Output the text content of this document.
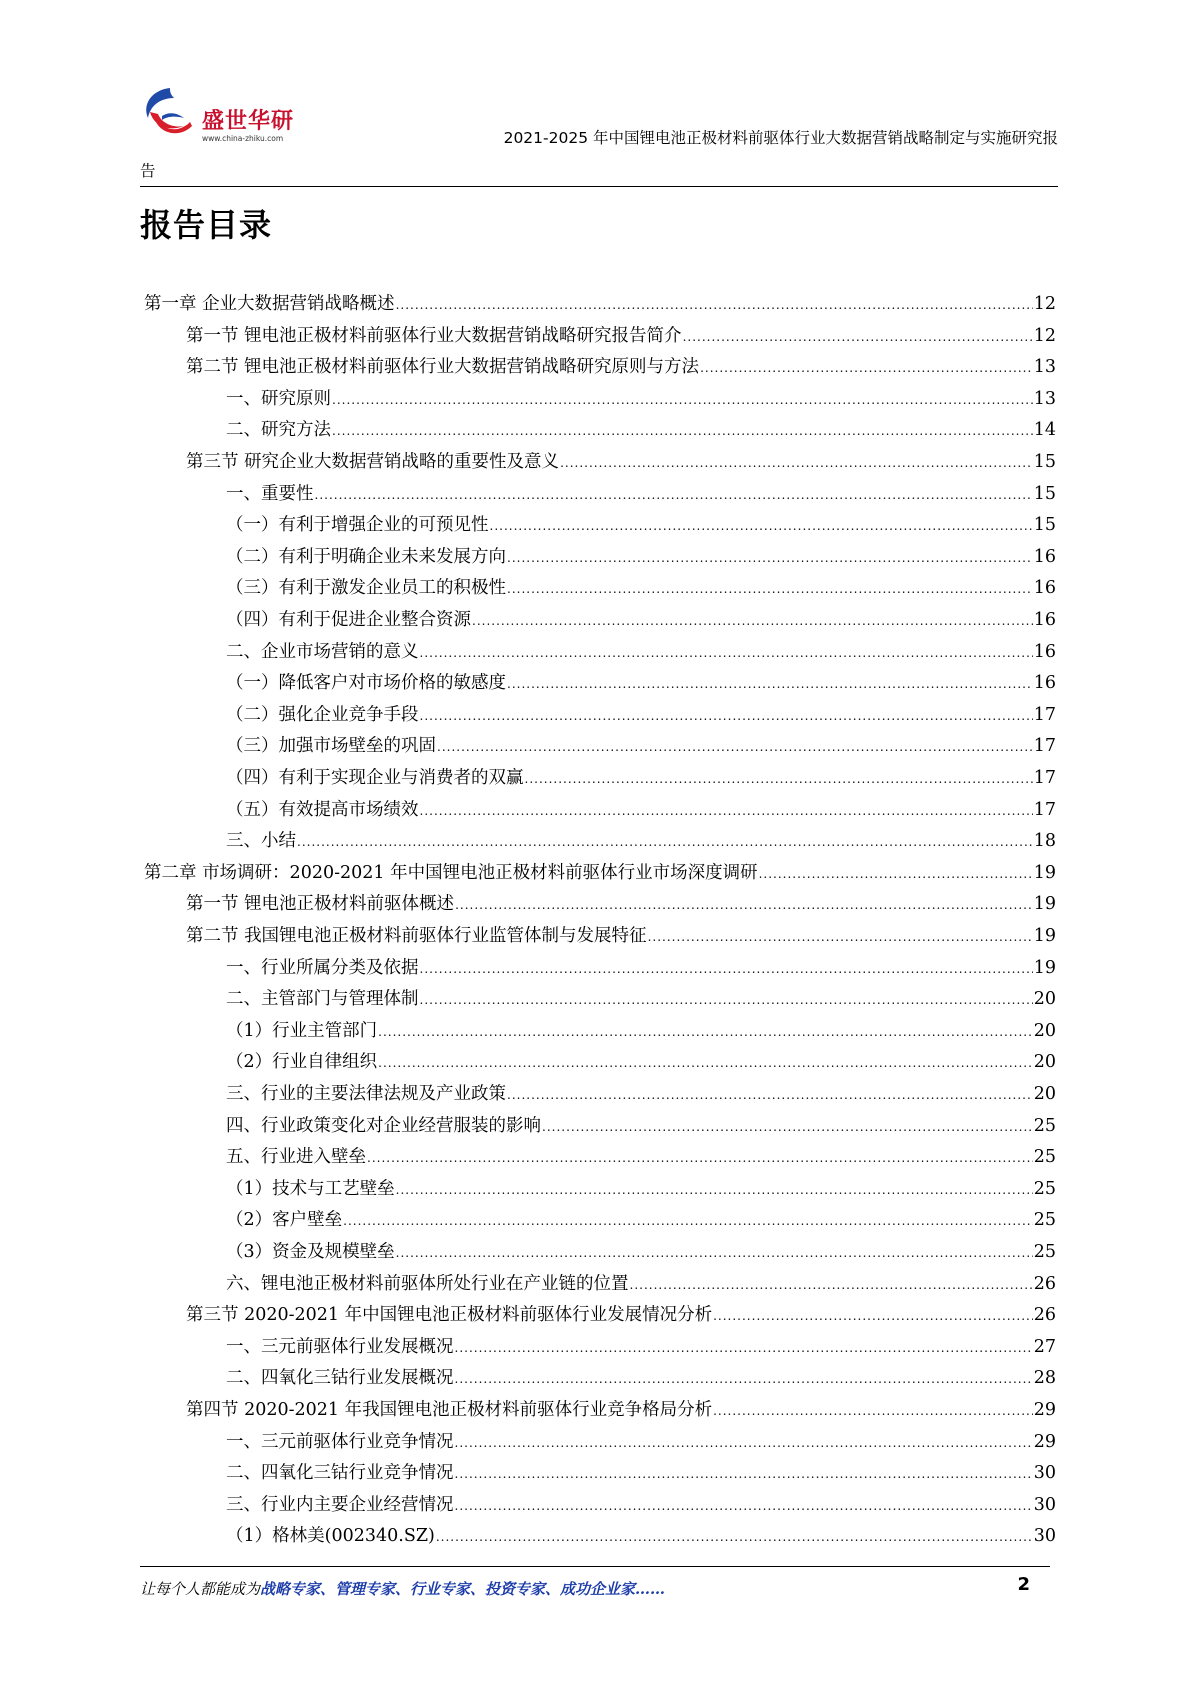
盛世华研
www.china-zhiku.com	2021-2025 年中国锂电池正极材料前驱体行业大数据营销战略制定与实施研究报
告
报告目录
第一章 企业大数据营销战略概述 .....	12
第一节 锂电池正极材料前驱体行业大数据营销战略研究报告简介 .....	12
第二节 锂电池正极材料前驱体行业大数据营销战略研究原则与方法 .....	13
一、研究原则 .....	13
二、研究方法 .....	14
第三节 研究企业大数据营销战略的重要性及意义 .....	15
一、重要性 .....	15
（一）有利于增强企业的可预见性 .....	15
（二）有利于明确企业未来发展方向 .....	16
（三）有利于激发企业员工的积极性 .....	16
（四）有利于促进企业整合资源 .....	16
二、企业市场营销的意义 .....	16
（一）降低客户对市场价格的敏感度 .....	16
（二）强化企业竞争手段 .....	17
（三）加强市场壁垒的巩固 .....	17
（四）有利于实现企业与消费者的双赢 .....	17
（五）有效提高市场绩效 .....	17
三、小结 .....	18
第二章 市场调研：2020-2021 年中国锂电池正极材料前驱体行业市场深度调研 .....	19
第一节 锂电池正极材料前驱体概述 .....	19
第二节 我国锂电池正极材料前驱体行业监管体制与发展特征 .....	19
一、行业所属分类及依据 .....	19
二、主管部门与管理体制 .....	20
（1）行业主管部门 .....	20
（2）行业自律组织 .....	20
三、行业的主要法律法规及产业政策 .....	20
四、行业政策变化对企业经营服装的影响 .....	25
五、行业进入壁垒 .....	25
（1）技术与工艺壁垒 .....	25
（2）客户壁垒 .....	25
（3）资金及规模壁垒 .....	25
六、锂电池正极材料前驱体所处行业在产业链的位置 .....	26
第三节 2020-2021 年中国锂电池正极材料前驱体行业发展情况分析 .....	26
一、三元前驱体行业发展概况 .....	27
二、四氧化三钴行业发展概况 .....	28
第四节 2020-2021 年我国锂电池正极材料前驱体行业竞争格局分析 .....	29
一、三元前驱体行业竞争情况 .....	29
二、四氧化三钴行业竞争情况 .....	30
三、行业内主要企业经营情况 .....	30
（1）格林美(002340.SZ) .....	30
让每个人都能成为战略专家、管理专家、行业专家、投资专家、成功企业家……	2
